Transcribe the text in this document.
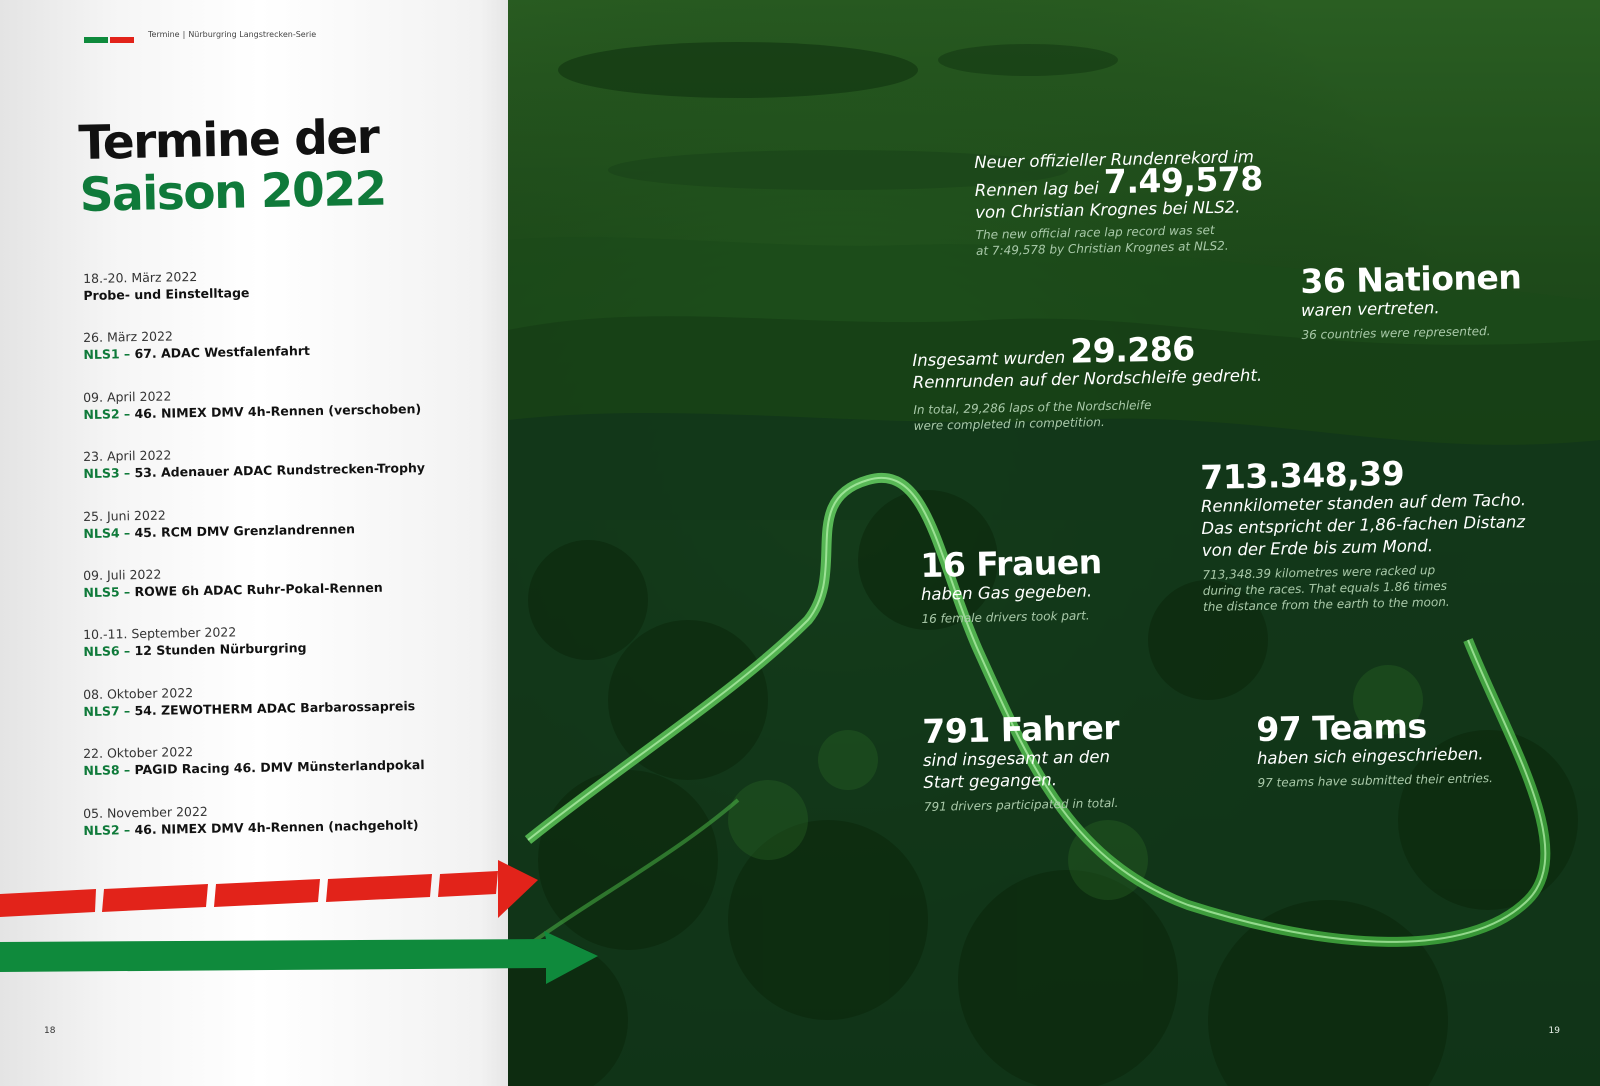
Termine | Nürburgring Langstrecken-Serie
Termine der
Saison 2022
18.-20. März 2022
Probe- und Einstelltage
26. März 2022
NLS1 – 67. ADAC Westfalenfahrt
09. April 2022
NLS2 – 46. NIMEX DMV 4h-Rennen (verschoben)
23. April 2022
NLS3 – 53. Adenauer ADAC Rundstrecken-Trophy
25. Juni 2022
NLS4 – 45. RCM DMV Grenzlandrennen
09. Juli 2022
NLS5 – ROWE 6h ADAC Ruhr-Pokal-Rennen
10.-11. September 2022
NLS6 – 12 Stunden Nürburgring
08. Oktober 2022
NLS7 – 54. ZEWOTHERM ADAC Barbarossapreis
22. Oktober 2022
NLS8 – PAGID Racing 46. DMV Münsterlandpokal
05. November 2022
NLS2 – 46. NIMEX DMV 4h-Rennen (nachgeholt)
18	19
Neuer offizieller Rundenrekord im
Rennen lag bei 7.49,578
von Christian Krognes bei NLS2.
The new official race lap record was set
at 7:49,578 by Christian Krognes at NLS2.
36 Nationen
waren vertreten.
36 countries were represented.
Insgesamt wurden 29.286
Rennrunden auf der Nordschleife gedreht.
In total, 29,286 laps of the Nordschleife
were completed in competition.
713.348,39
Rennkilometer standen auf dem Tacho.
Das entspricht der 1,86-fachen Distanz
von der Erde bis zum Mond.
713,348.39 kilometres were racked up
during the races. That equals 1.86 times
the distance from the earth to the moon.
16 Frauen
haben Gas gegeben.
16 female drivers took part.
791 Fahrer
sind insgesamt an den
Start gegangen.
791 drivers participated in total.
97 Teams
haben sich eingeschrieben.
97 teams have submitted their entries.
